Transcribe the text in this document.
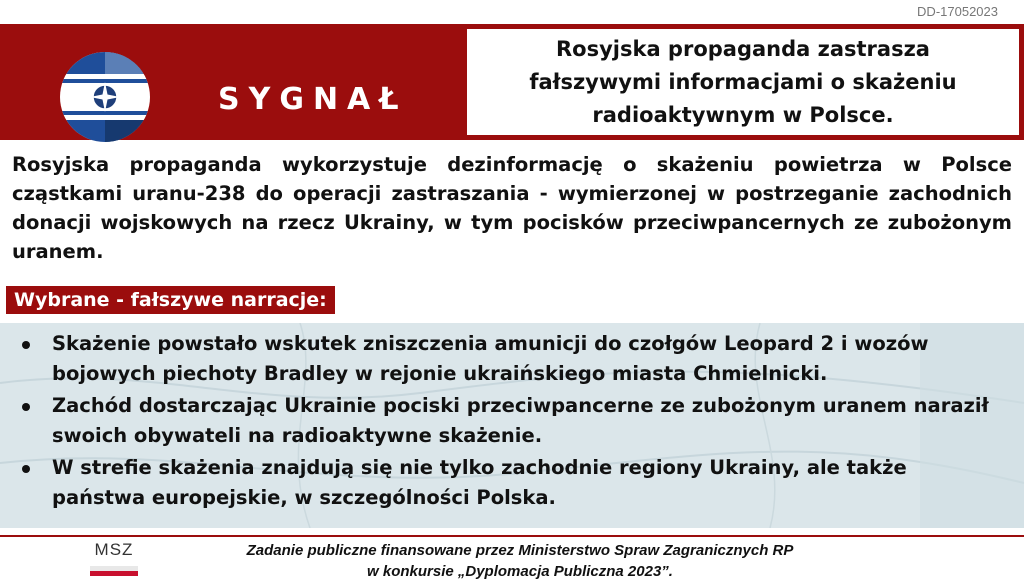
DD-17052023
SYGNAŁ
Rosyjska propaganda zastrasza fałszywymi informacjami o skażeniu radioaktywnym w Polsce.
Rosyjska propaganda wykorzystuje dezinformację o skażeniu powietrza w Polsce cząstkami uranu-238 do operacji zastraszania - wymierzonej w postrzeganie zachodnich donacji wojskowych na rzecz Ukrainy, w tym pocisków przeciwpancernych ze zubożonym uranem.
Wybrane - fałszywe narracje:
Skażenie powstało wskutek zniszczenia amunicji do czołgów Leopard 2 i wozów bojowych piechoty Bradley w rejonie ukraińskiego miasta Chmielnicki.
Zachód dostarczając Ukrainie pociski przeciwpancerne ze zubożonym uranem naraził swoich obywateli na radioaktywne skażenie.
W strefie skażenia znajdują się nie tylko zachodnie regiony Ukrainy, ale także państwa europejskie, w szczególności Polska.
MSZ	Zadanie publiczne finansowane przez Ministerstwo Spraw Zagranicznych RP
w konkursie „Dyplomacja Publiczna 2023”.
